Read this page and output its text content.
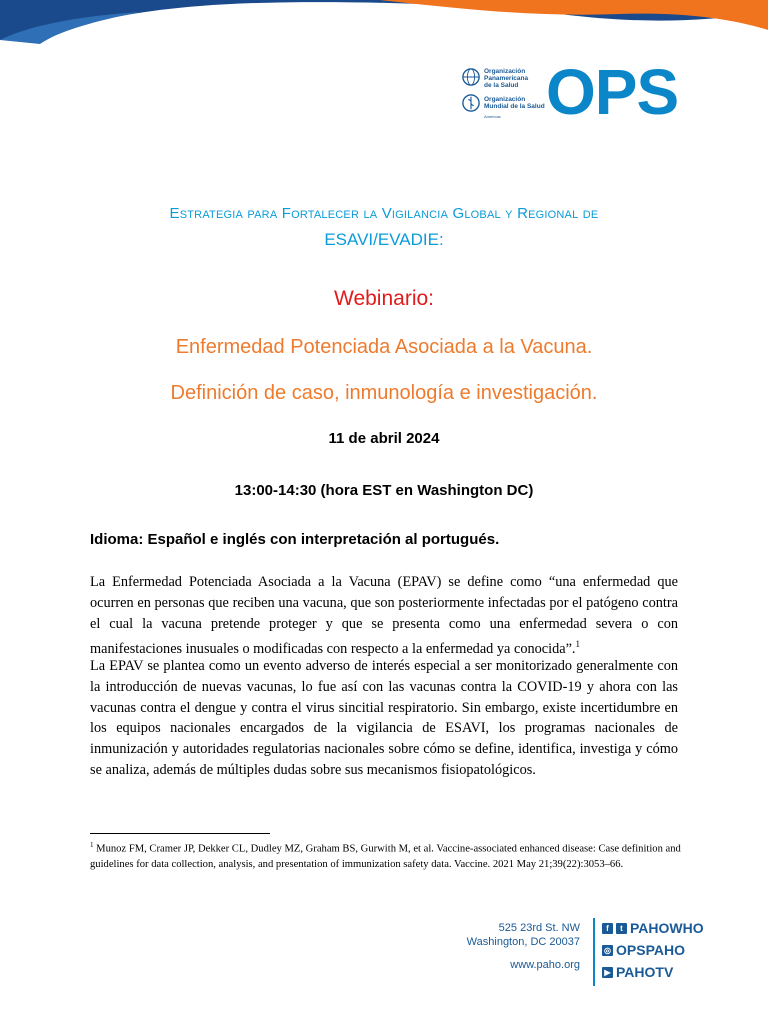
Organización
Panamericana
de la Salud
Organización
Mundial de la Salud
Américas OPS
Estrategia para Fortalecer la Vigilancia Global y Regional de
ESAVI/EVADIE:
Webinario:
Enfermedad Potenciada Asociada a la Vacuna.
Definición de caso, inmunología e investigación.
11 de abril 2024
13:00-14:30 (hora EST en Washington DC)
Idioma: Español e inglés con interpretación al portugués.
La Enfermedad Potenciada Asociada a la Vacuna (EPAV) se define como “una enfermedad que ocurren en personas que reciben una vacuna, que son posteriormente infectadas por el patógeno contra el cual la vacuna pretende proteger y que se presenta como una enfermedad severa o con manifestaciones inusuales o modificadas con respecto a la enfermedad ya conocida”.$^1$
La EPAV se plantea como un evento adverso de interés especial a ser monitorizado generalmente con la introducción de nuevas vacunas, lo fue así con las vacunas contra la COVID-19 y ahora con las vacunas contra el dengue y contra el virus sincitial respiratorio. Sin embargo, existe incertidumbre en los equipos nacionales encargados de la vigilancia de ESAVI, los programas nacionales de inmunización y autoridades regulatorias nacionales sobre cómo se define, identifica, investiga y cómo se analiza, además de múltiples dudas sobre sus mecanismos fisiopatológicos.
$^1$ Munoz FM, Cramer JP, Dekker CL, Dudley MZ, Graham BS, Gurwith M, et al. Vaccine-associated enhanced disease: Case definition and guidelines for data collection, analysis, and presentation of immunization safety data. Vaccine. 2021 May 21;39(22):3053–66.
525 23rd St. NW
Washington, DC 20037
www.paho.org
f	t PAHOWHO
◎ OPSPAHO
▶ PAHOTV
